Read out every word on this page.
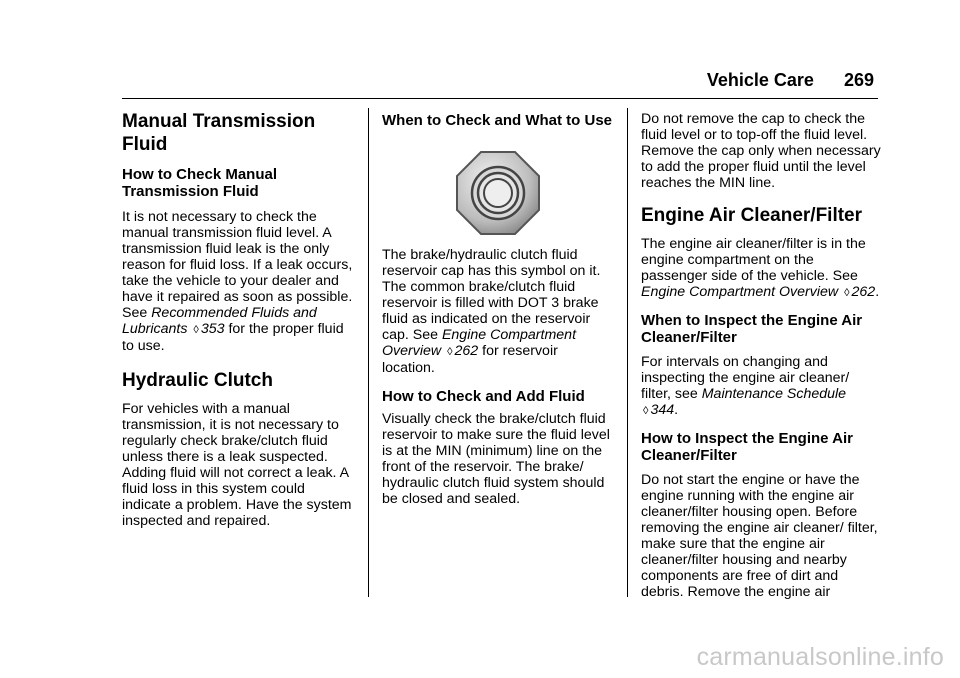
Vehicle Care 269

Manual Transmission Fluid

How to Check Manual Transmission Fluid

It is not necessary to check the manual transmission fluid level. A transmission fluid leak is the only reason for fluid loss. If a leak occurs, take the vehicle to your dealer and have it repaired as soon as possible. See Recommended Fluids and Lubricants ◊ 353 for the proper fluid to use.

Hydraulic Clutch

For vehicles with a manual transmission, it is not necessary to regularly check brake/clutch fluid unless there is a leak suspected. Adding fluid will not correct a leak. A fluid loss in this system could indicate a problem. Have the system inspected and repaired.

When to Check and What to Use

The brake/hydraulic clutch fluid reservoir cap has this symbol on it. The common brake/clutch fluid reservoir is filled with DOT 3 brake fluid as indicated on the reservoir cap. See Engine Compartment Overview ◊ 262 for reservoir location.

How to Check and Add Fluid

Visually check the brake/clutch fluid reservoir to make sure the fluid level is at the MIN (minimum) line on the front of the reservoir. The brake/ hydraulic clutch fluid system should be closed and sealed.

Do not remove the cap to check the fluid level or to top-off the fluid level. Remove the cap only when necessary to add the proper fluid until the level reaches the MIN line.

Engine Air Cleaner/Filter

The engine air cleaner/filter is in the engine compartment on the passenger side of the vehicle. See Engine Compartment Overview ◊ 262.

When to Inspect the Engine Air Cleaner/Filter

For intervals on changing and inspecting the engine air cleaner/ filter, see Maintenance Schedule ◊ 344.

How to Inspect the Engine Air Cleaner/Filter

Do not start the engine or have the engine running with the engine air cleaner/filter housing open. Before removing the engine air cleaner/ filter, make sure that the engine air cleaner/filter housing and nearby components are free of dirt and debris. Remove the engine air

carmanualsonline.info
